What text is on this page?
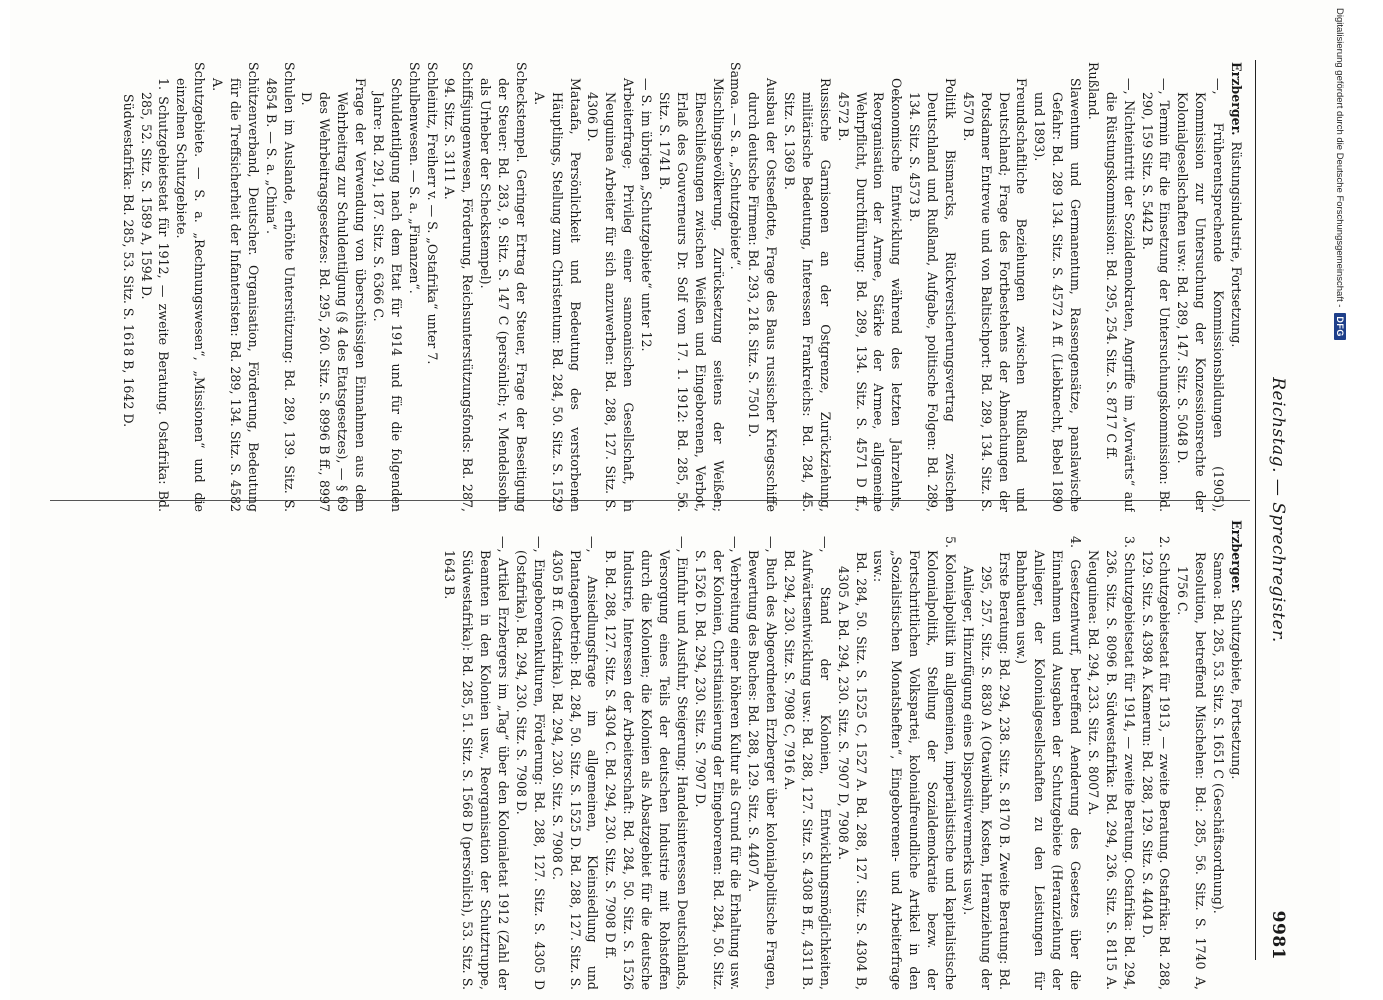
Reichstag. — Sprechregister.
9981

Erzberger.Rüstungsindustrie, Fortsetzung.

—, Früherentsprechende Kommissionsbildungen (1905), Kommission zur Untersuchung der Konzessionsrechte der Kolonialgesellschaften usw.: Bd. 289, 147. Sitz. S. 5048 D.

—, Termin für die Einsetzung der Untersuchungskommission: Bd. 290, 159 Sitz. S. 5442 B.

—, Nichteintritt der Sozialdemokraten, Angriffe im „Vorwärts“ auf die Rüstungskommission: Bd. 295, 254. Sitz. S. 8717 C ff.

Rußland.

Slawentum und Germanentum, Rassengensätze, panslawische Gefahr: Bd. 289 134. Sitz. S. 4572 A ff. (Liebknecht, Bebel 1890 und 1893).

Freundschaftliche Beziehungen zwischen Rußland und Deutschland; Frage des Fortbestehens der Abmachungen der Potsdamer Entrevue und von Baltischport: Bd. 289, 134. Sitz. S. 4570 B.

Politik Bismarcks, Rückversicherungsvertrag zwischen Deutschland und Rußland, Aufgabe, politische Folgen: Bd. 289, 134. Sitz. S. 4573 B.

Oekonomische Entwicklung während des letzten Jahrzehnts, Reorganisation der Armee, Stärke der Armee, allgemeine Wehrpflicht, Durchführung: Bd. 289, 134. Sitz. S. 4571 D ff., 4572 B.

Russische Garnisonen an der Ostgrenze, Zurückziehung, militärische Bedeutung, Interessen Frankreichs: Bd. 284, 45. Sitz. S. 1369 B.

Ausbau der Ostseeflotte, Frage des Baus russischer Kriegsschiffe durch deutsche Firmen: Bd. 293, 218. Sitz. S. 7501 D.

Samoa. — S. a. „Schutzgebiete“.

Mischlingsbevölkerung. Zurücksetzung seitens der Weißen; Eheschließungen zwischen Weißen und Eingeborenen, Verbot, Erlaß des Gouverneurs Dr. Solf vom 17. 1. 1912: Bd. 285, 56. Sitz. S. 1741 B.

— S. im übrigen „Schutzgebiete“ unter 12.

Arbeiterfrage; Privileg einer samoanischen Gesellschaft, in Neuguinea Arbeiter für sich anzuwerben: Bd. 288, 127. Sitz. S. 4306 D.

Mataafa, Persönlichkeit und Bedeutung des verstorbenen Häuptlings, Stellung zum Christentum: Bd. 284, 50. Sitz. S. 1529 A.

Scheckstempel. Geringer Ertrag der Steuer, Frage der Beseitigung der Steuer: Bd. 283, 9. Sitz. S. 147 C (persönlich; v. Mendelssohn als Urheber der Scheckstempel).

Schiffsjungenwesen, Förderung, Reichsunterstützungsfonds: Bd. 287, 94. Sitz. S. 3111 A.

Schleinitz, Freiherr v. — S. „Ostafrika“ unter 7.

Schulbenwesen. — S. a. „Finanzen“.

Schuldentilgung nach dem Etat für 1914 und für die folgenden Jahre: Bd. 291, 187. Sitz. S. 6366 C.

Frage der Verwendung von überschüssigen Einnahmen aus dem Wehrbeitrag zur Schuldentilgung (§ 4 des Etatsgesetzes), — § 69 des Wehrbeitragsgesetzes: Bd. 295, 260. Sitz. S. 8996 B ff., 8997 D.

Schulen im Auslande, erhöhte Unterstützung: Bd. 289, 139. Sitz. S. 4854 B. — S. a. „China“.

Schützenverband, Deutscher. Organisation, Förderung, Bedeutung für die Treffsicherheit der Infanteristen: Bd. 289, 134. Sitz. S. 4582 A.

Schutzgebiete. — S. a. „Rechnungswesen“, „Missionen“ und die einzelnen Schutzgebiete.

1. Schutzgebietsetat für 1912, — zweite Beratung. Ostafrika: Bd. 285, 52. Sitz. S. 1589 A, 1594 D.

Südwestafrika: Bd. 285, 53. Sitz. S. 1618 B, 1642 D.

Erzberger.Schutzgebiete, Fortsetzung.

Samoa: Bd. 285, 53. Sitz. S. 1651 C (Geschäftsordnung).

Resolution, betreffend Mischehen: Bd.: 285, 56. Sitz. S. 1740 A, 1756 C.

2. Schutzgebietsetat für 1913, — zweite Beratung. Ostafrika: Bd. 288, 129. Sitz. S. 4398 A. Kamerun: Bd. 288, 129. Sitz. S. 4404 D.

3. Schutzgebietsetat für 1914, — zweite Beratung. Ostafrika: Bd. 294, 236. Sitz. S. 8096 B. Südwestafrika: Bd. 294, 236. Sitz. S. 8115 A. Neuguinea: Bd. 294, 233. Sitz. S. 8007 A.

4. Gesetzentwurf, betreffend Aenderung des Gesetzes über die Einnahmen und Ausgaben der Schutzgebiete (Heranziehung der Anlieger, der Kolonialgesellschaften zu den Leistungen für Bahnbauten usw.)

Erste Beratung: Bd. 294, 238. Sitz. S. 8170 B. Zweite Beratung: Bd. 295, 257. Sitz. S. 8830 A (Otawibahn, Kosten, Heranziehung der Anlieger, Hinzufügung eines Dispositivvermerks usw.).

5. Kolonialpolitik im allgemeinen, imperialistische und kapitalistische Kolonialpolitik, Stellung der Sozialdemokratie bezw. der Fortschrittlichen Volkspartei, kolonialfreundliche Artikel in den „Sozialistischen Monatsheften“, Eingeborenen- und Arbeiterfrage usw.:

Bd. 284, 50. Sitz. S. 1525 C, 1527 A. Bd. 288, 127. Sitz. S. 4304 B, 4305 A. Bd. 294, 230. Sitz. S. 7907 D, 7908 A.

—, Stand der Kolonien, Entwicklungsmöglichkeiten, Aufwärtsentwicklung usw.: Bd. 288, 127. Sitz. S. 4308 B ff., 4311 B. Bd. 294, 230. Sitz. S. 7908 C, 7916 A.

—, Buch des Abgeordneten Erzberger über kolonialpolitische Fragen, Bewertung des Buches: Bd. 288, 129. Sitz. S. 4407 A.

—, Verbreitung einer höheren Kultur als Grund für die Erhaltung usw. der Kolonien, Christianisierung der Eingeborenen: Bd. 284, 50. Sitz. S. 1526 D. Bd. 294, 230. Sitz. S. 7907 D.

—, Einfuhr und Ausfuhr, Steigerung; Handelsinteressen Deutschlands, Versorgung eines Teils der deutschen Industrie mit Rohstoffen durch die Kolonien; die Kolonien als Absatzgebiet für die deutsche Industrie, Interessen der Arbeiterschaft: Bd. 284, 50. Sitz. S. 1526 B. Bd. 288, 127. Sitz. S. 4304 C. Bd. 294, 230. Sitz. S. 7908 D ff.

—, Ansiedlungsfrage im allgemeinen, Kleinsiedlung und Plantagenbetrieb: Bd. 284, 50. Sitz. S. 1525 D. Bd. 288, 127. Sitz. S. 4305 B ff. (Ostafrika). Bd. 294, 230. Sitz. S. 7908 C.

—, Eingeborenenkulturen, Förderung: Bd. 288, 127. Sitz. S. 4305 D (Ostafrika). Bd. 294, 230. Sitz. S. 7908 D.

—, Artikel Erzbergers im „Tag“ über den Kolonialetat 1912 (Zahl der Beamten in den Kolonien usw., Reorganisation der Schutztruppe, Südwestafrika): Bd. 285, 51. Sitz. S. 1568 D (persönlich), 53. Sitz. S. 1643 B.

Digitalisierung gefördert durch die Deutsche Forschungsgemeinschaft -
DFG
